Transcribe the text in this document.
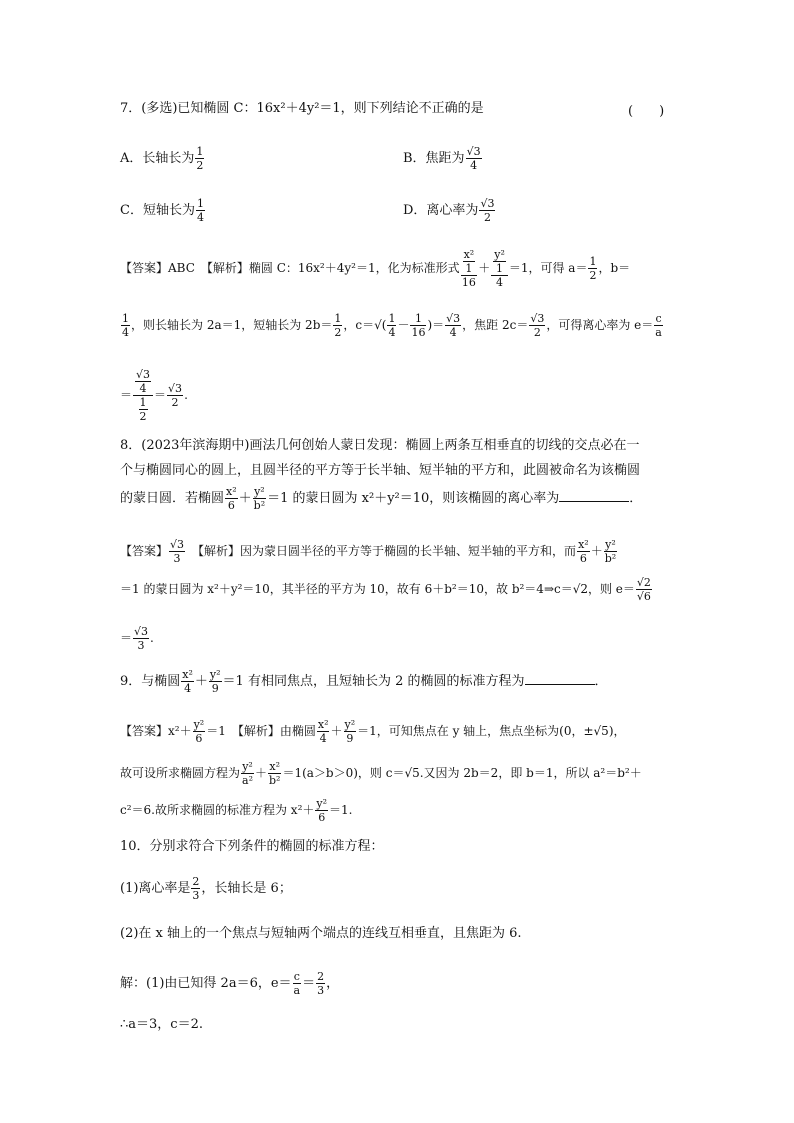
7．(多选)已知椭圆 C：16x²＋4y²＝1，则下列结论不正确的是	(　　)
A．长轴长为 $\frac{1}{2}$	B．焦距为 $\frac{√3}{4}$
C．短轴长为 $\frac{1}{4}$	D．离心率为 $\frac{√3}{2}$
【答案】ABC　【解析】椭圆 C：16x²＋4y²＝1，化为标准形式 $\frac{\frac{\text{x²}}{1}}{16} + \frac{\frac{\text{y²}}{1}}{4} =1$，可得 $a= \frac{1}{2}$ ，b＝
$\frac{1}{4}$ ，则长轴长为 2a＝1，短轴长为 $2b= \frac{1}{2}$ ，$c=√( \frac{1}{4} - \frac{1}{16}$ )＝ $\frac{√3}{4}$ ，焦距 $2c= \frac{√3}{2}$ ，可得离心率为 $e= \frac{c}{a}$
＝ $\frac{\frac{√3}{4}}{\frac{1}{2}} = \frac{√3}{2}$ .
8．(2023年滨海期中)画法几何创始人蒙日发现：椭圆上两条互相垂直的切线的交点必在一
个与椭圆同心的圆上，且圆半径的平方等于长半轴、短半轴的平方和，此圆被命名为该椭圆
的蒙日圆．若椭圆 $\frac{\text{x²}}{6} + \frac{\text{y²}}{\text{b²}} =1$ 的蒙日圆为 x²＋y²＝10，则该椭圆的离心率为	．
【答案】 $\frac{√3}{3}$
　 【解析】因为蒙日圆半径的平方等于椭圆的长半轴、短半轴的平方和，而 $\frac{\text{x²}}{6} + \frac{\text{y²}}{\text{b²}}$
＝1 的蒙日圆为 x²＋y²＝10，其半径的平方为 10，故有 6＋b²＝10，故 b²＝4⇒c＝√2，则 $e= \frac{√2}{√6}$
＝ $\frac{√3}{3}$ .
9．与椭圆 $\frac{\text{x²}}{4} + \frac{\text{y²}}{9} =1$ 有相同焦点，且短轴长为 2 的椭圆的标准方程为	．
【答案】$x^2+ \frac{\text{y²}}{6} =1$　【解析】由椭圆 $\frac{\text{x²}}{4} + \frac{\text{y²}}{9} =1$，可知焦点在 y 轴上，焦点坐标为(0，±√5)，
故可设所求椭圆方程为 $\frac{\text{y²}}{\text{a²}} + \frac{\text{x²}}{\text{b²}} =1(a>b>0)$，则 c＝√5.又因为 2b＝2，即 b＝1，所以 a²＝b²＋
c²＝6.故所求椭圆的标准方程为 $x^2+ \frac{\text{y²}}{6} =1$.
10．分别求符合下列条件的椭圆的标准方程：
(1)离心率是 $\frac{2}{3}$ ，长轴长是 6；
(2)在 x 轴上的一个焦点与短轴两个端点的连线互相垂直，且焦距为 6.
解：(1)由已知得 2a＝6，$e= \frac{c}{a} = \frac{2}{3}$ ，
∴a＝3，c＝2.
